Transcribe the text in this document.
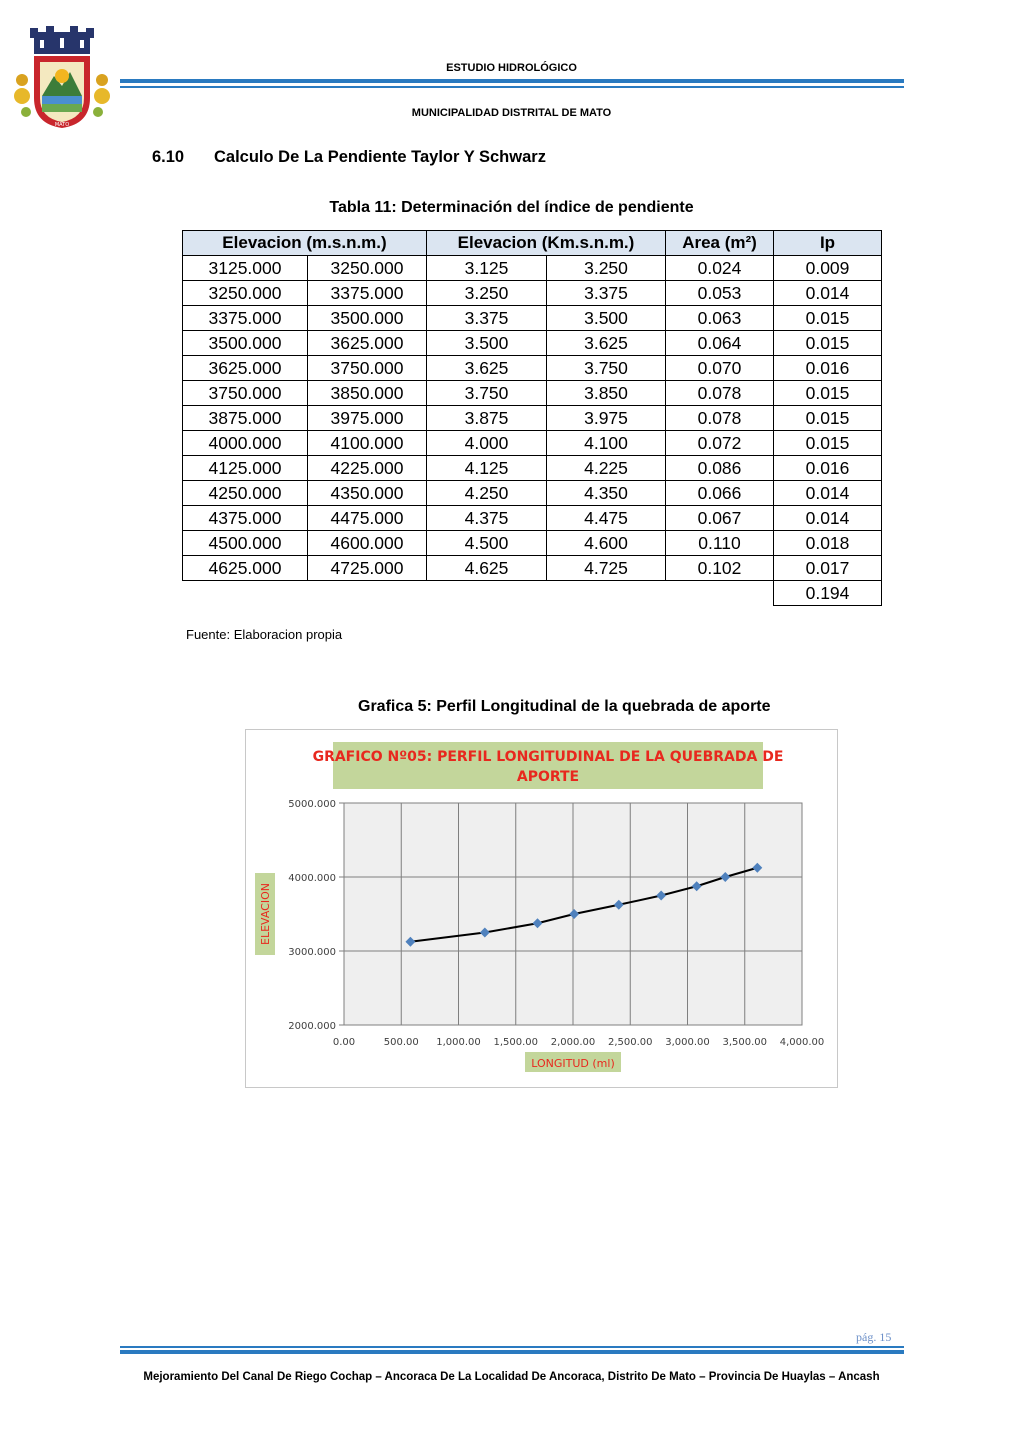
MATO
ESTUDIO HIDROLÓGICO
MUNICIPALIDAD DISTRITAL DE MATO
6.10 Calculo De La Pendiente Taylor Y Schwarz
Tabla 11: Determinación del índice de pendiente
Elevacion (m.s.n.m.)		Elevacion (Km.s.n.m.)		Area (m²)	Ip
3125.000	3250.000	3.125	3.250	0.024	0.009
3250.000	3375.000	3.250	3.375	0.053	0.014
3375.000	3500.000	3.375	3.500	0.063	0.015
3500.000	3625.000	3.500	3.625	0.064	0.015
3625.000	3750.000	3.625	3.750	0.070	0.016
3750.000	3850.000	3.750	3.850	0.078	0.015
3875.000	3975.000	3.875	3.975	0.078	0.015
4000.000	4100.000	4.000	4.100	0.072	0.015
4125.000	4225.000	4.125	4.225	0.086	0.016
4250.000	4350.000	4.250	4.350	0.066	0.014
4375.000	4475.000	4.375	4.475	0.067	0.014
4500.000	4600.000	4.500	4.600	0.110	0.018
4625.000	4725.000	4.625	4.725	0.102	0.017
					0.194
Fuente: Elaboracion propia
Grafica 5: Perfil Longitudinal de la quebrada de aporte
GRAFICO Nº05: PERFIL LONGITUDINAL DE LA QUEBRADA DE
APORTE
0.00	500.00 1,000.00 1,500.00 2,000.00 2,500.00 3,000.00 3,500.00 4,000.00
2000.000
3000.000
4000.000
5000.000
LONGITUD (ml)
ELEVACION
pág. 15
Mejoramiento Del Canal De Riego Cochap – Ancoraca De La Localidad De Ancoraca, Distrito De Mato – Provincia De Huaylas – Ancash
